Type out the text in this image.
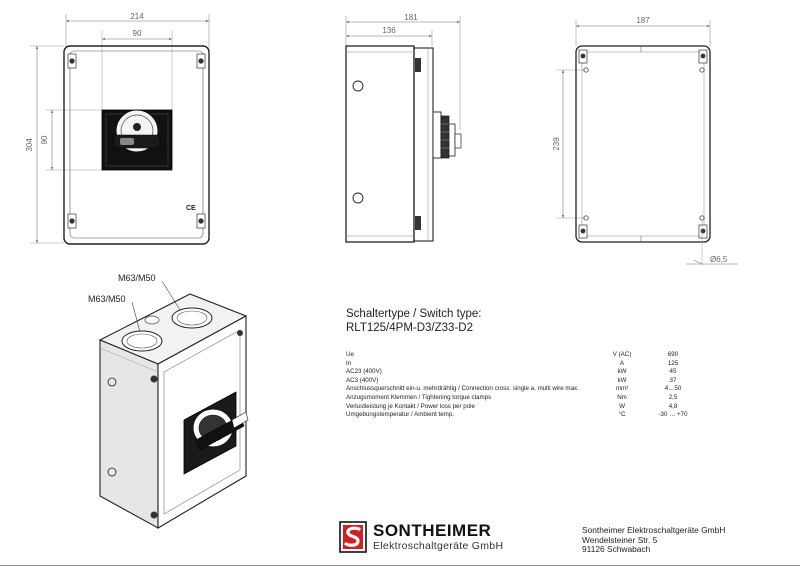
214
90
304 90
CE
181
136
187
239
Ø6,5
M63/M50
M63/M50
Schaltertype / Switch type:
RLT125/4PM-D3/Z33-D2
Ue	V (AC)	690
In	A	125
AC23 (400V)	kW	45
AC3 (400V)	kW	37
Anschlussquerschnitt ein-u. mehrdrähtig / Connection cross: single a. multi wire max.	mm²	4…50
Anzugsmoment Klemmen / Tightening torque clamps	Nm	2,5
Verlustleistung je Kontakt / Power loss per pole	W	4,8
Umgebungstemperatur / Ambient temp.	°C	-30 … +70
SONTHEIMER
Elektroschaltgeräte GmbH
Sontheimer Elektroschaltgeräte GmbH
Wendelsteiner Str. 5
91126 Schwabach
